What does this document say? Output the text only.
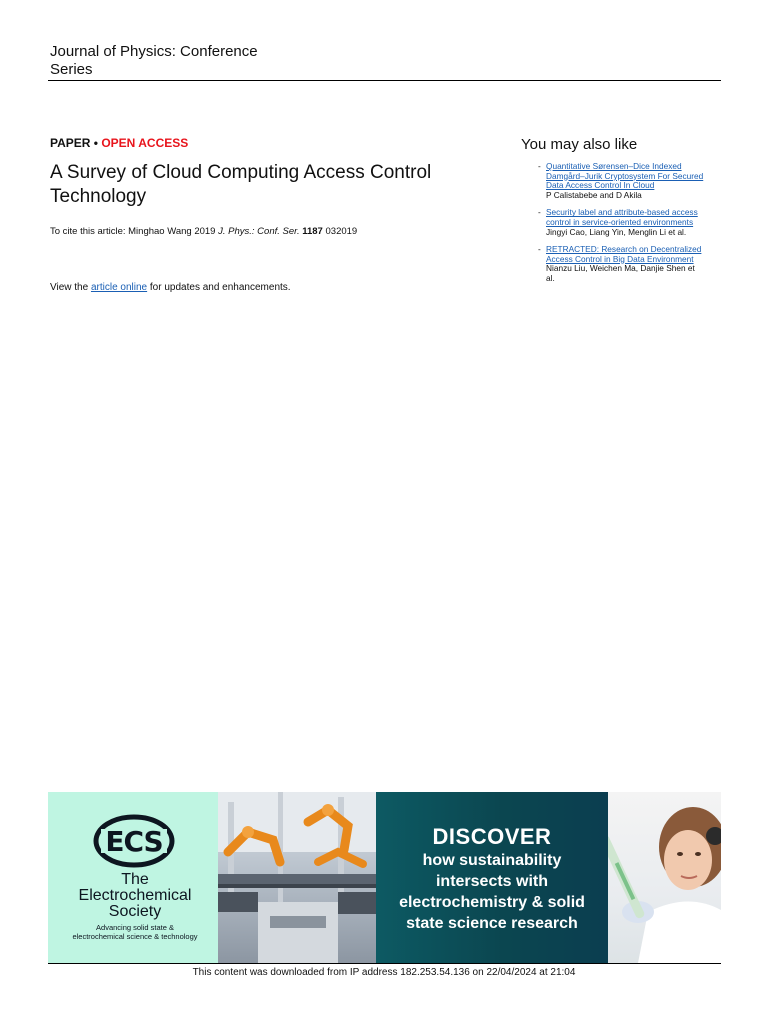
Journal of Physics: Conference
Series
PAPER • OPEN ACCESS
A Survey of Cloud Computing Access Control
Technology
To cite this article: Minghao Wang 2019 J. Phys.: Conf. Ser. 1187 032019
View the article online for updates and enhancements.
You may also like
- Quantitative Sørensen–Dice Indexed
Damgård–Jurik Cryptosystem For Secured
Data Access Control In Cloud
P Calistabebe and D Akila
- Security label and attribute-based access
control in service-oriented environments
Jingyi Cao, Liang Yin, Menglin Li et al.
- RETRACTED: Research on Decentralized
Access Control in Big Data Environment
Nianzu Liu, Weichen Ma, Danjie Shen et
al.
ECS
The
Electrochemical
Society
Advancing solid state &
electrochemical science & technology
DISCOVER
how sustainability
intersects with
electrochemistry & solid
state science research
This content was downloaded from IP address 182.253.54.136 on 22/04/2024 at 21:04
